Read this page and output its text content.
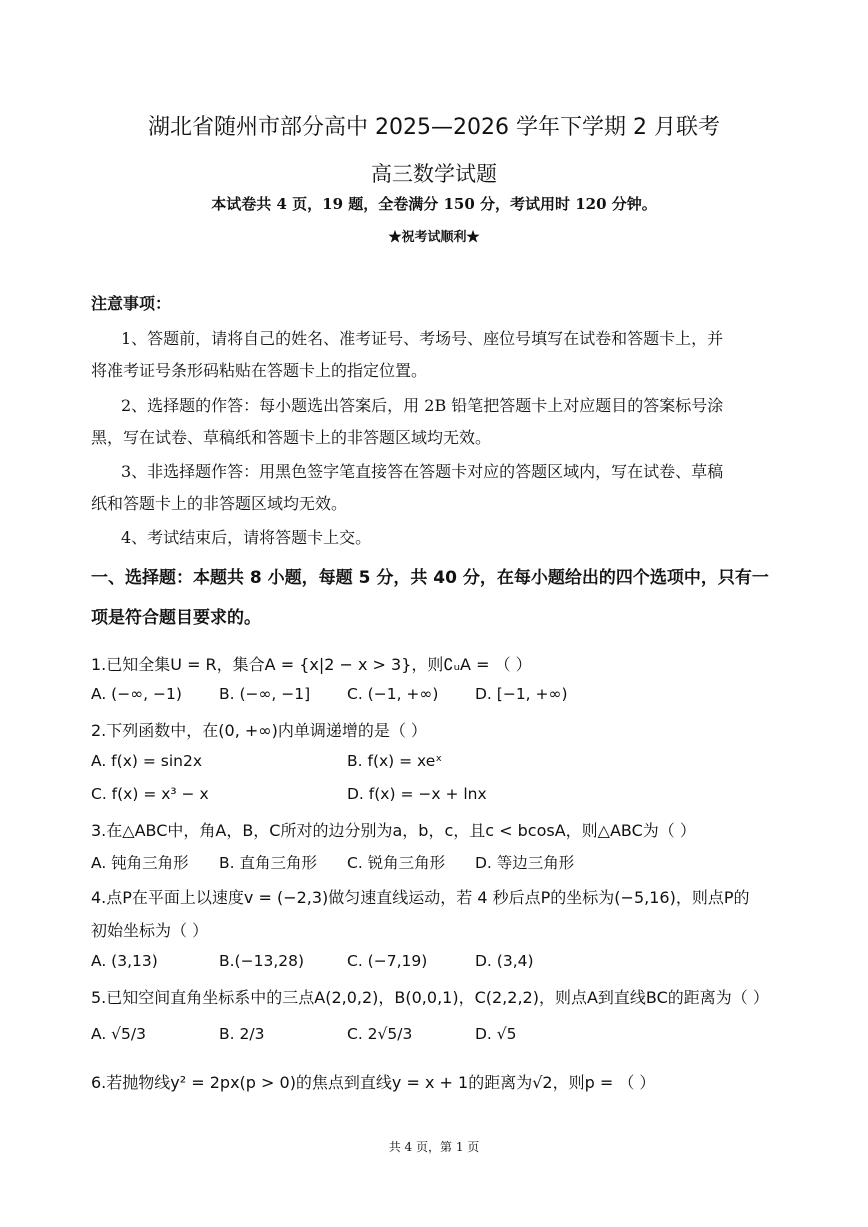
湖北省随州市部分高中 2025—2026 学年下学期 2 月联考
高三数学试题
本试卷共 4 页，19 题，全卷满分 150 分，考试用时 120 分钟。
★祝考试顺利★
注意事项：
1、答题前，请将自己的姓名、准考证号、考场号、座位号填写在试卷和答题卡上，并
将准考证号条形码粘贴在答题卡上的指定位置。
2、选择题的作答：每小题选出答案后，用 2B 铅笔把答题卡上对应题目的答案标号涂
黑，写在试卷、草稿纸和答题卡上的非答题区域均无效。
3、非选择题作答：用黑色签字笔直接答在答题卡对应的答题区域内，写在试卷、草稿
纸和答题卡上的非答题区域均无效。
4、考试结束后，请将答题卡上交。
一、选择题：本题共 8 小题，每题 5 分，共 40 分，在每小题给出的四个选项中，只有一
项是符合题目要求的。
1.已知全集U = R，集合A = {x|2 − x > 3}，则∁ᵤA = （ ）
A. (−∞, −1) B. (−∞, −1] C. (−1, +∞) D. [−1, +∞)
2.下列函数中，在(0, +∞)内单调递增的是（ ）
A. f(x) = sin2x	B. f(x) = xeˣ
C. f(x) = x³ − x	D. f(x) = −x + lnx
3.在△ABC中，角A，B，C所对的边分别为a，b，c，且c < bcosA，则△ABC为（ ）
A. 钝角三角形 B. 直角三角形 C. 锐角三角形 D. 等边三角形
4.点P在平面上以速度v = (−2,3)做匀速直线运动，若 4 秒后点P的坐标为(−5,16)，则点P的
初始坐标为（ ）
A. (3,13)	B.(−13,28)	C. (−7,19)	D. (3,4)
5.已知空间直角坐标系中的三点A(2,0,2)，B(0,0,1)，C(2,2,2)，则点A到直线BC的距离为（ ）
A. √5/3	B. 2/3	C. 2√5/3	D. √5
6.若抛物线y² = 2px(p > 0)的焦点到直线y = x + 1的距离为√2，则p = （ ）
共 4 页，第 1 页
